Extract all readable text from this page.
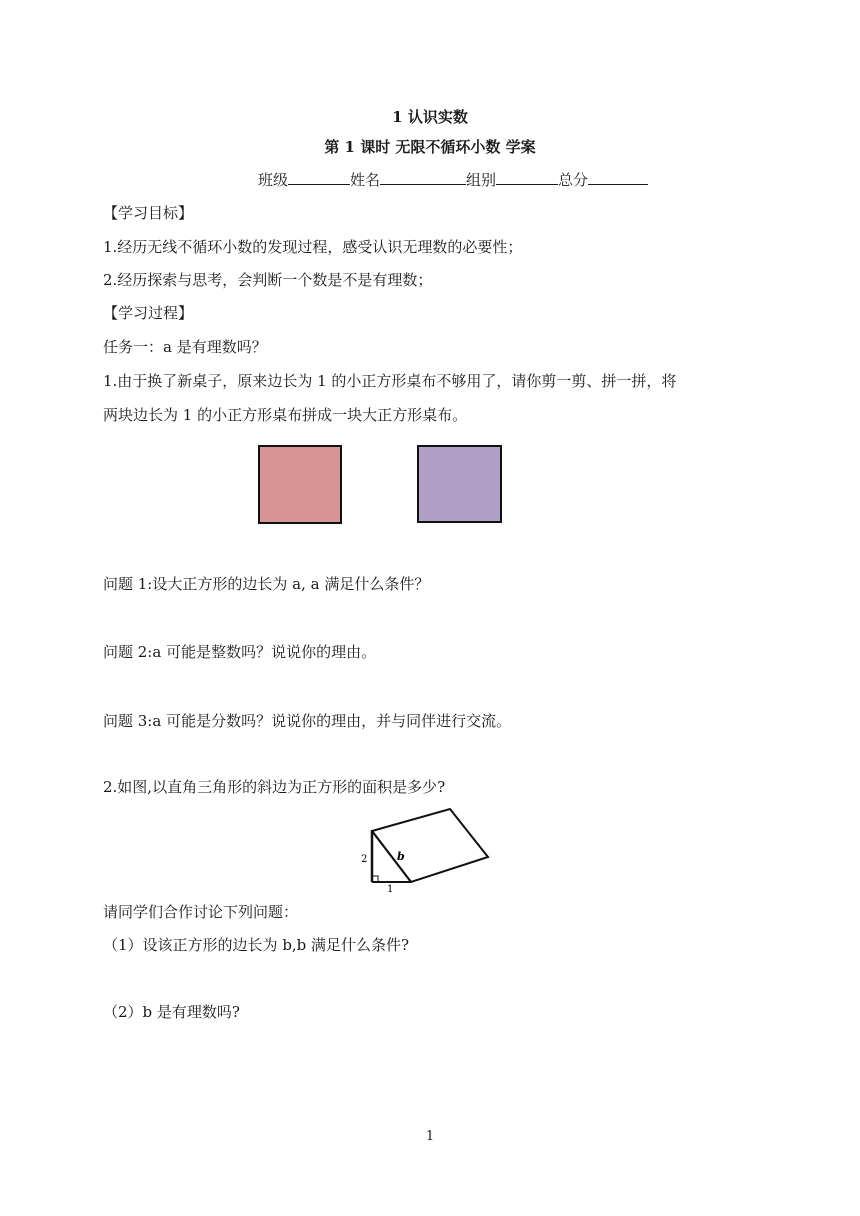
1 认识实数
第 1 课时 无限不循环小数 学案
班级	姓名	组别	总分
【学习目标】
1.经历无线不循环小数的发现过程，感受认识无理数的必要性；
2.经历探索与思考，会判断一个数是不是有理数；
【学习过程】
任务一：a 是有理数吗？
1.由于换了新桌子，原来边长为 1 的小正方形桌布不够用了，请你剪一剪、拼一拼，将
两块边长为 1 的小正方形桌布拼成一块大正方形桌布。
问题 1:设大正方形的边长为 a, a 满足什么条件？
问题 2:a 可能是整数吗？说说你的理由。
问题 3:a 可能是分数吗？说说你的理由，并与同伴进行交流。
2.如图,以直角三角形的斜边为正方形的面积是多少?
2	b
1
请同学们合作讨论下列问题：
（1）设该正方形的边长为 b,b 满足什么条件?
（2）b 是有理数吗?
1
